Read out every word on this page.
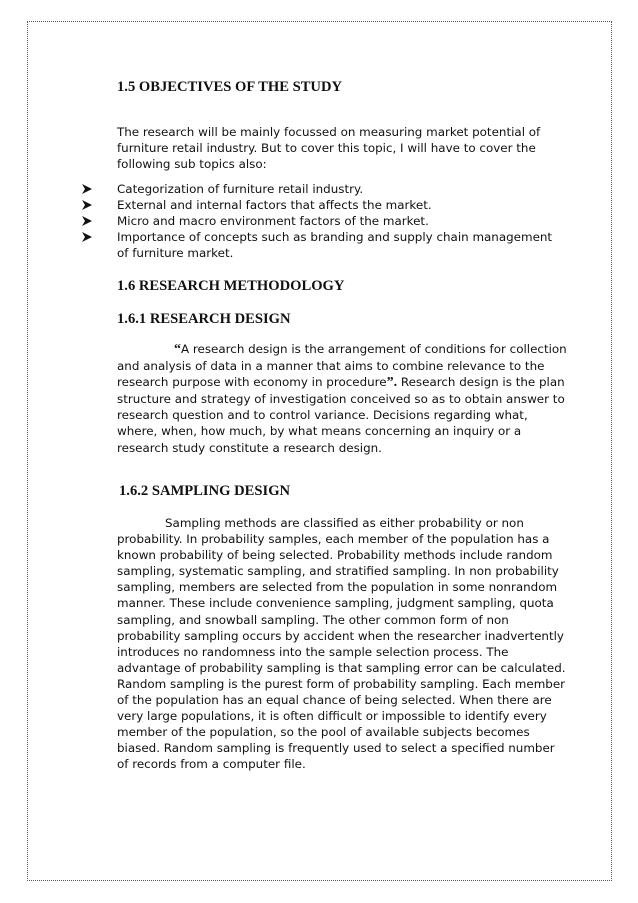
1.5 OBJECTIVES OF THE STUDY

The research will be mainly focussed on measuring market potential of furniture retail industry. But to cover this topic, I will have to cover the following sub topics also:

Categorization of furniture retail industry.
External and internal factors that affects the market.
Micro and macro environment factors of the market.
Importance of concepts such as branding and supply chain management of furniture market.
1.6 RESEARCH METHODOLOGY
1.6.1 RESEARCH DESIGN

“A research design is the arrangement of conditions for collection and analysis of data in a manner that aims to combine relevance to the research purpose with economy in procedure”. Research design is the plan structure and strategy of investigation conceived so as to obtain answer to research question and to control variance. Decisions regarding what, where, when, how much, by what means concerning an inquiry or a research study constitute a research design.

1.6.2 SAMPLING DESIGN

Sampling methods are classified as either probability or non probability. In probability samples, each member of the population has a known probability of being selected. Probability methods include random sampling, systematic sampling, and stratified sampling. In non probability sampling, members are selected from the population in some nonrandom manner. These include convenience sampling, judgment sampling, quota sampling, and snowball sampling. The other common form of non probability sampling occurs by accident when the researcher inadvertently introduces no randomness into the sample selection process. The advantage of probability sampling is that sampling error can be calculated. Random sampling is the purest form of probability sampling. Each member of the population has an equal chance of being selected. When there are very large populations, it is often difficult or impossible to identify every member of the population, so the pool of available subjects becomes biased. Random sampling is frequently used to select a specified number of records from a computer file.
